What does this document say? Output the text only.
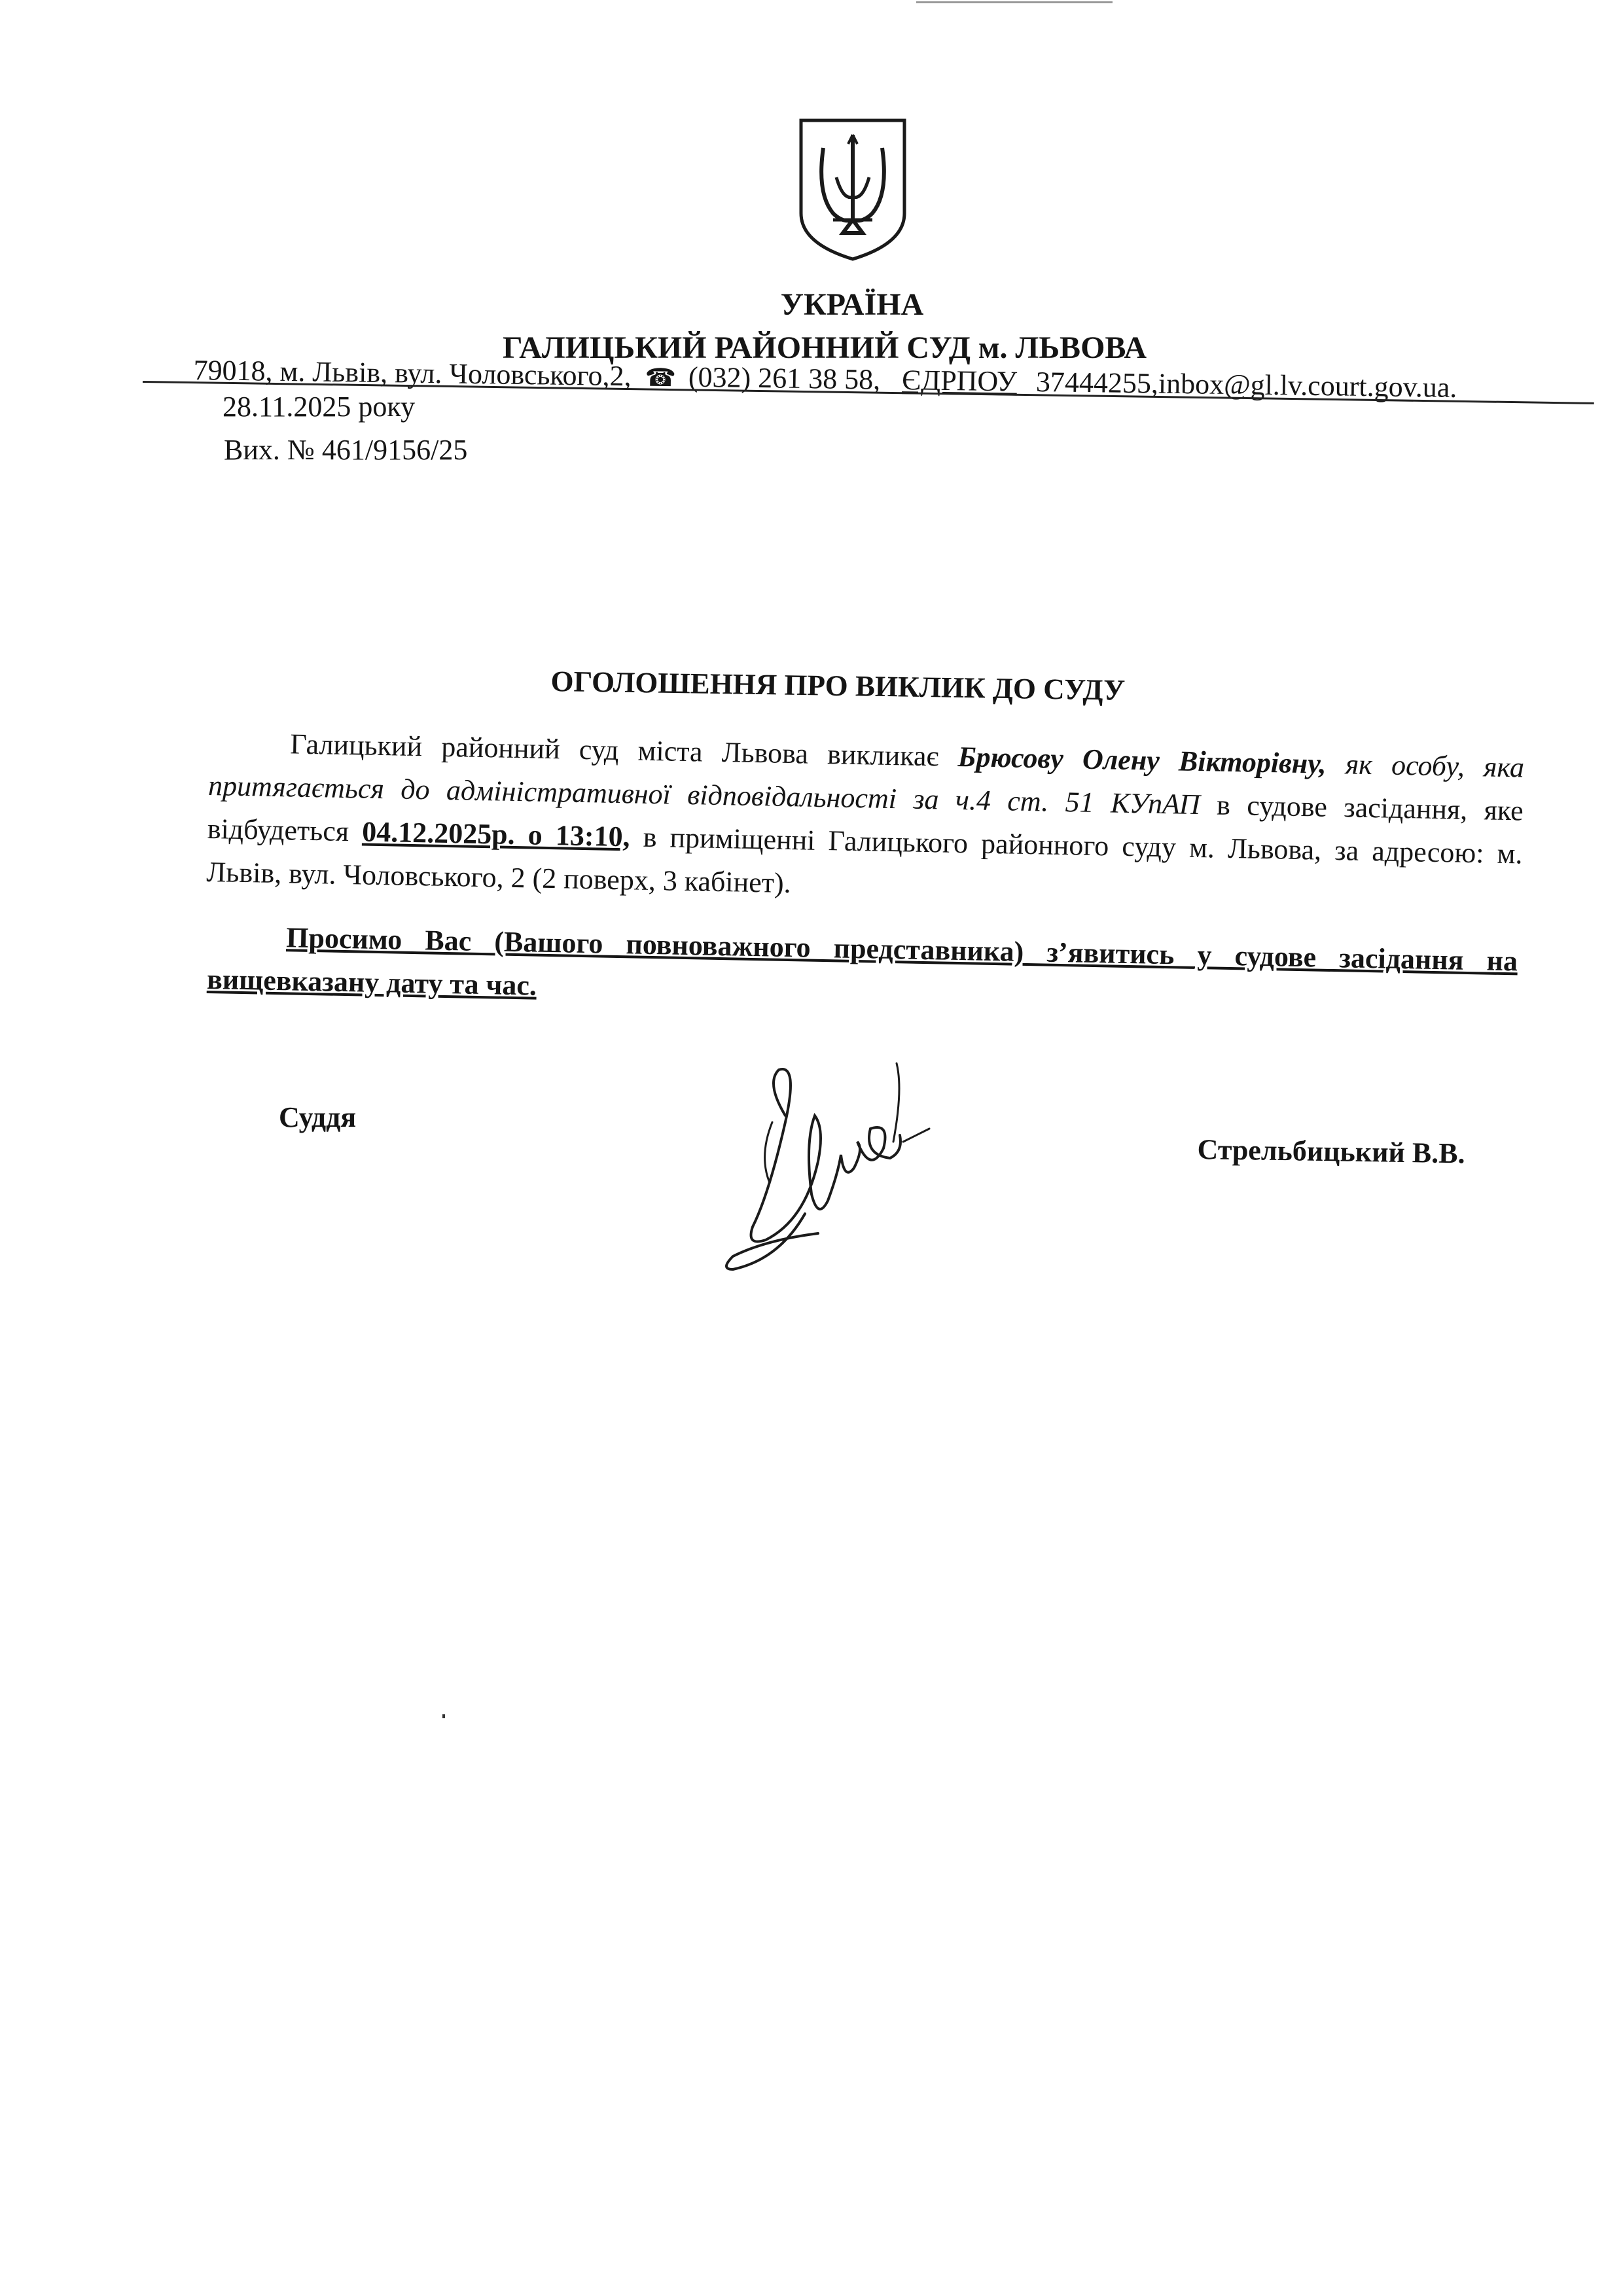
УКРАЇНА
ГАЛИЦЬКИЙ РАЙОННИЙ СУД м. ЛЬВОВА
79018, м. Львів, вул. Чоловського,2, ☎ (032) 261 38 58, ЄДРПОУ 37444255,inbox@gl.lv.court.gov.ua.
28.11.2025 року
Вих. № 461/9156/25
ОГОЛОШЕННЯ ПРО ВИКЛИК ДО СУДУ
Галицький районний суд міста Львова викликає Брюсову Олену Вікторівну, як особу, яка притягається до адміністративної відповідальності за ч.4 ст. 51 КУпАП в судове засідання, яке відбудеться 04.12.2025р. о 13:10, в приміщенні Галицького районного суду м. Львова, за адресою: м. Львів, вул. Чоловського, 2 (2 поверх, 3 кабінет).
Просимо Вас (Вашого повноважного представника) з’явитись у судове засідання на вищевказану дату та час.
Суддя
Стрельбицький В.В.
